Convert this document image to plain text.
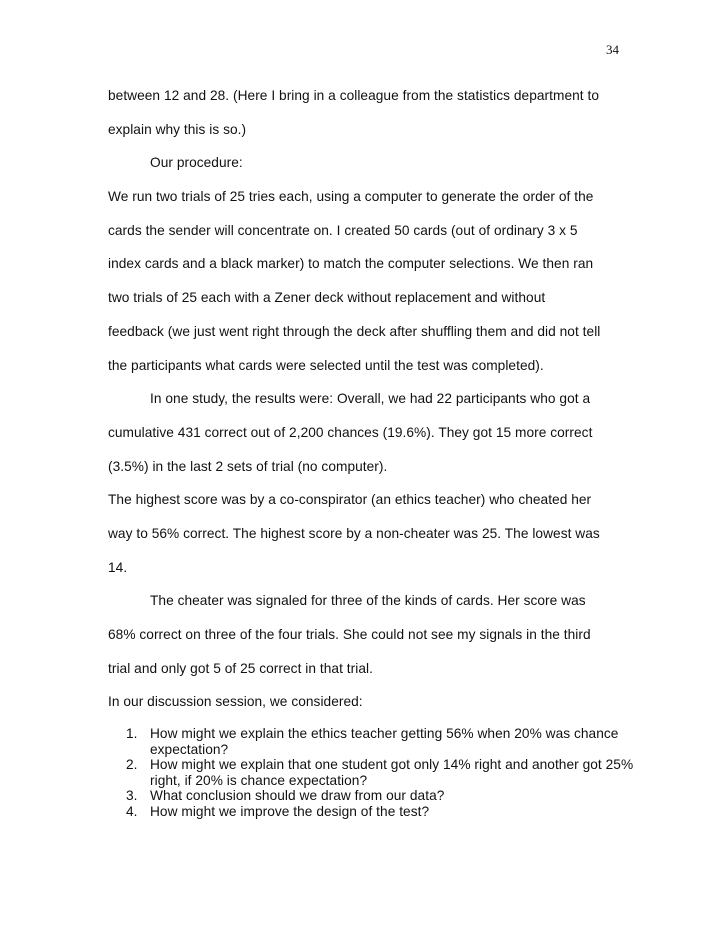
34
between 12 and 28. (Here I bring in a colleague from the statistics department to
explain why this is so.)
Our procedure:
We run two trials of 25 tries each, using a computer to generate the order of the
cards the sender will concentrate on. I created 50 cards (out of ordinary 3 x 5
index cards and a black marker) to match the computer selections. We then ran
two trials of 25 each with a Zener deck without replacement and without
feedback (we just went right through the deck after shuffling them and did not tell
the participants what cards were selected until the test was completed).
In one study, the results were: Overall, we had 22 participants who got a
cumulative 431 correct out of 2,200 chances (19.6%). They got 15 more correct
(3.5%) in the last 2 sets of trial (no computer).
The highest score was by a co-conspirator (an ethics teacher) who cheated her
way to 56% correct. The highest score by a non-cheater was 25. The lowest was
14.
The cheater was signaled for three of the kinds of cards. Her score was
68% correct on three of the four trials. She could not see my signals in the third
trial and only got 5 of 25 correct in that trial.
In our discussion session, we considered:
1. How might we explain the ethics teacher getting 56% when 20% was chance expectation?
2. How might we explain that one student got only 14% right and another got 25% right, if 20% is chance expectation?
3. What conclusion should we draw from our data?
4. How might we improve the design of the test?
